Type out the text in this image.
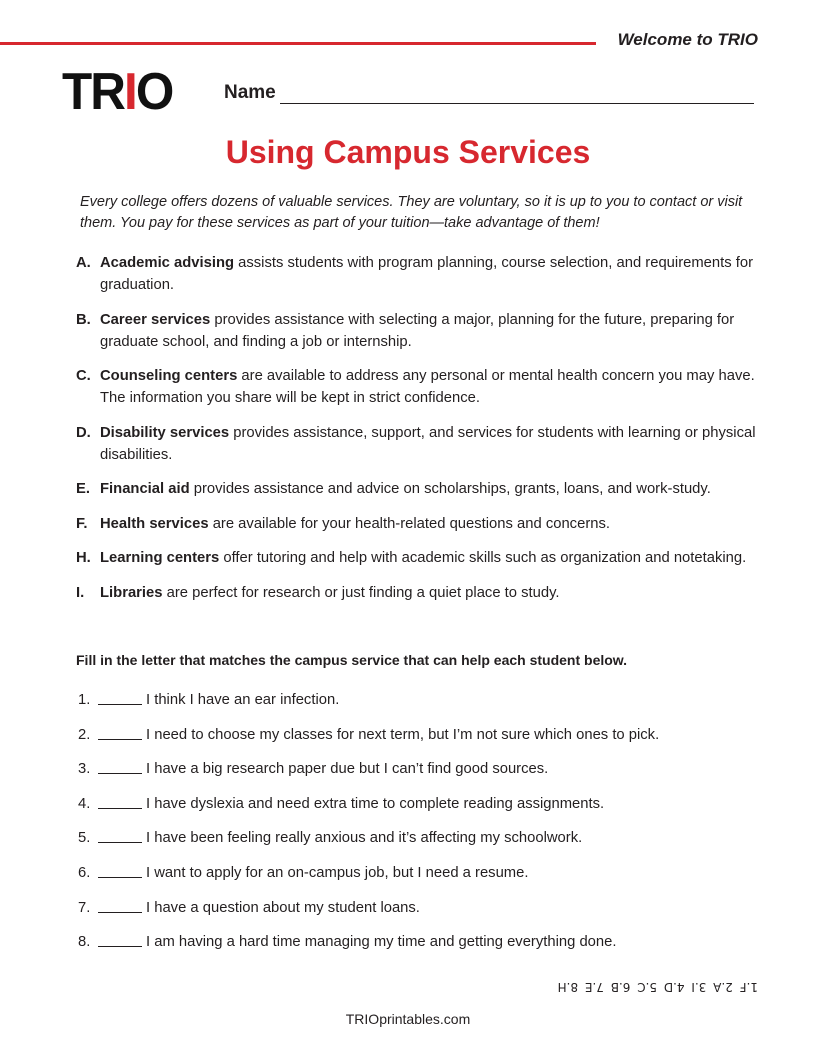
Welcome to TRIO
TRIO	Name
Using Campus Services
Every college offers dozens of valuable services. They are voluntary, so it is up to you to contact or visit them. You pay for these services as part of your tuition—take advantage of them!
A. Academic advising assists students with program planning, course selection, and requirements for graduation.
B. Career services provides assistance with selecting a major, planning for the future, preparing for graduate school, and finding a job or internship.
C. Counseling centers are available to address any personal or mental health concern you may have. The information you share will be kept in strict confidence.
D. Disability services provides assistance, support, and services for students with learning or physical disabilities.
E. Financial aid provides assistance and advice on scholarships, grants, loans, and work-study.
F. Health services are available for your health-related questions and concerns.
H. Learning centers offer tutoring and help with academic skills such as organization and notetaking.
I. Libraries are perfect for research or just finding a quiet place to study.
Fill in the letter that matches the campus service that can help each student below.
1.	I think I have an ear infection.
2.	I need to choose my classes for next term, but I’m not sure which ones to pick.
3.	I have a big research paper due but I can’t find good sources.
4.	I have dyslexia and need extra time to complete reading assignments.
5.	I have been feeling really anxious and it’s affecting my schoolwork.
6.	I want to apply for an on-campus job, but I need a resume.
7.	I have a question about my student loans.
8.	I am having a hard time managing my time and getting everything done.
1.F 2.A 3.I 4.D 5.C 6.B 7.E 8.H
TRIOprintables.com
